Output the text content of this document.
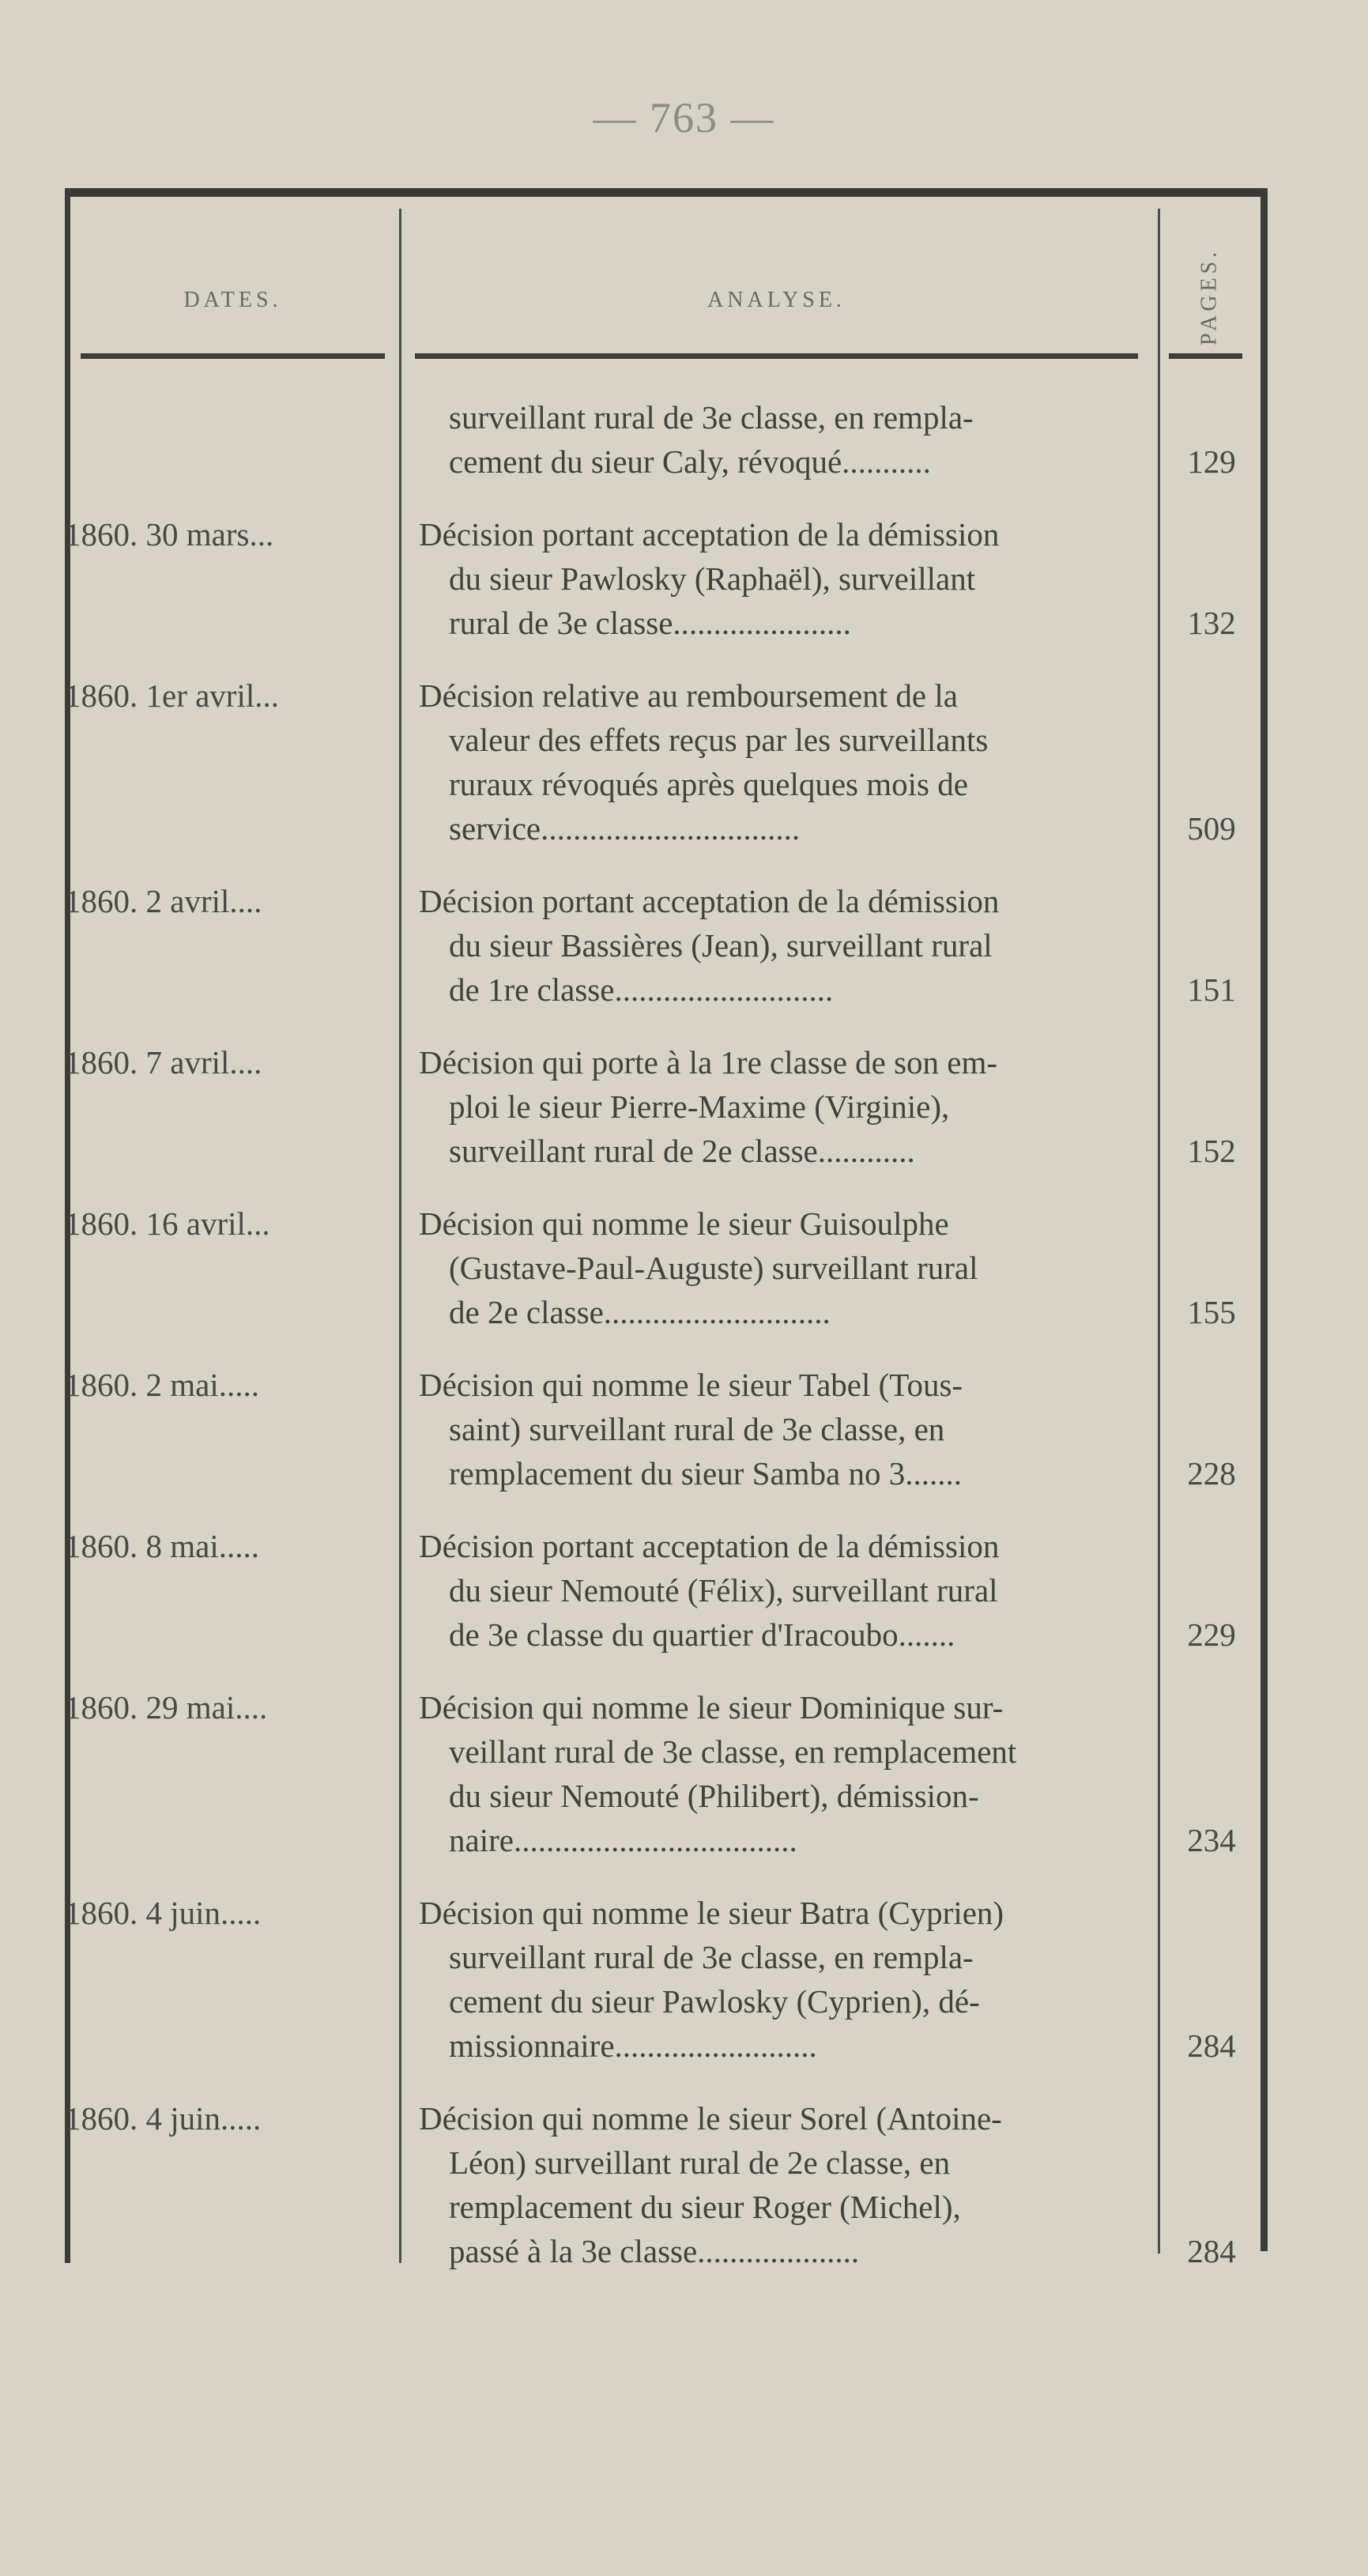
— 763 —
DATES.	ANALYSE.	PAGES.
surveillant rural de 3e classe, en rempla-
cement du sieur Caly, révoqué...........	129
1860. 30 mars...	Décision portant acceptation de la démission
du sieur Pawlosky (Raphaël), surveillant
rural de 3e classe......................	132
1860. 1er avril...	Décision relative au remboursement de la
valeur des effets reçus par les surveillants
ruraux révoqués après quelques mois de
service................................	509
1860. 2 avril....	Décision portant acceptation de la démission
du sieur Bassières (Jean), surveillant rural
de 1re classe...........................	151
1860. 7 avril....	Décision qui porte à la 1re classe de son em-
ploi le sieur Pierre-Maxime (Virginie),
surveillant rural de 2e classe............	152
1860. 16 avril...	Décision qui nomme le sieur Guisoulphe
(Gustave-Paul-Auguste) surveillant rural
de 2e classe............................	155
1860. 2 mai.....	Décision qui nomme le sieur Tabel (Tous-
saint) surveillant rural de 3e classe, en
remplacement du sieur Samba no 3.......	228
1860. 8 mai.....	Décision portant acceptation de la démission
du sieur Nemouté (Félix), surveillant rural
de 3e classe du quartier d'Iracoubo.......	229
1860. 29 mai....	Décision qui nomme le sieur Dominique sur-
veillant rural de 3e classe, en remplacement
du sieur Nemouté (Philibert), démission-
naire...................................	234
1860. 4 juin.....	Décision qui nomme le sieur Batra (Cyprien)
surveillant rural de 3e classe, en rempla-
cement du sieur Pawlosky (Cyprien), dé-
missionnaire.........................	284
1860. 4 juin.....	Décision qui nomme le sieur Sorel (Antoine-
Léon) surveillant rural de 2e classe, en
remplacement du sieur Roger (Michel),
passé à la 3e classe....................	284
